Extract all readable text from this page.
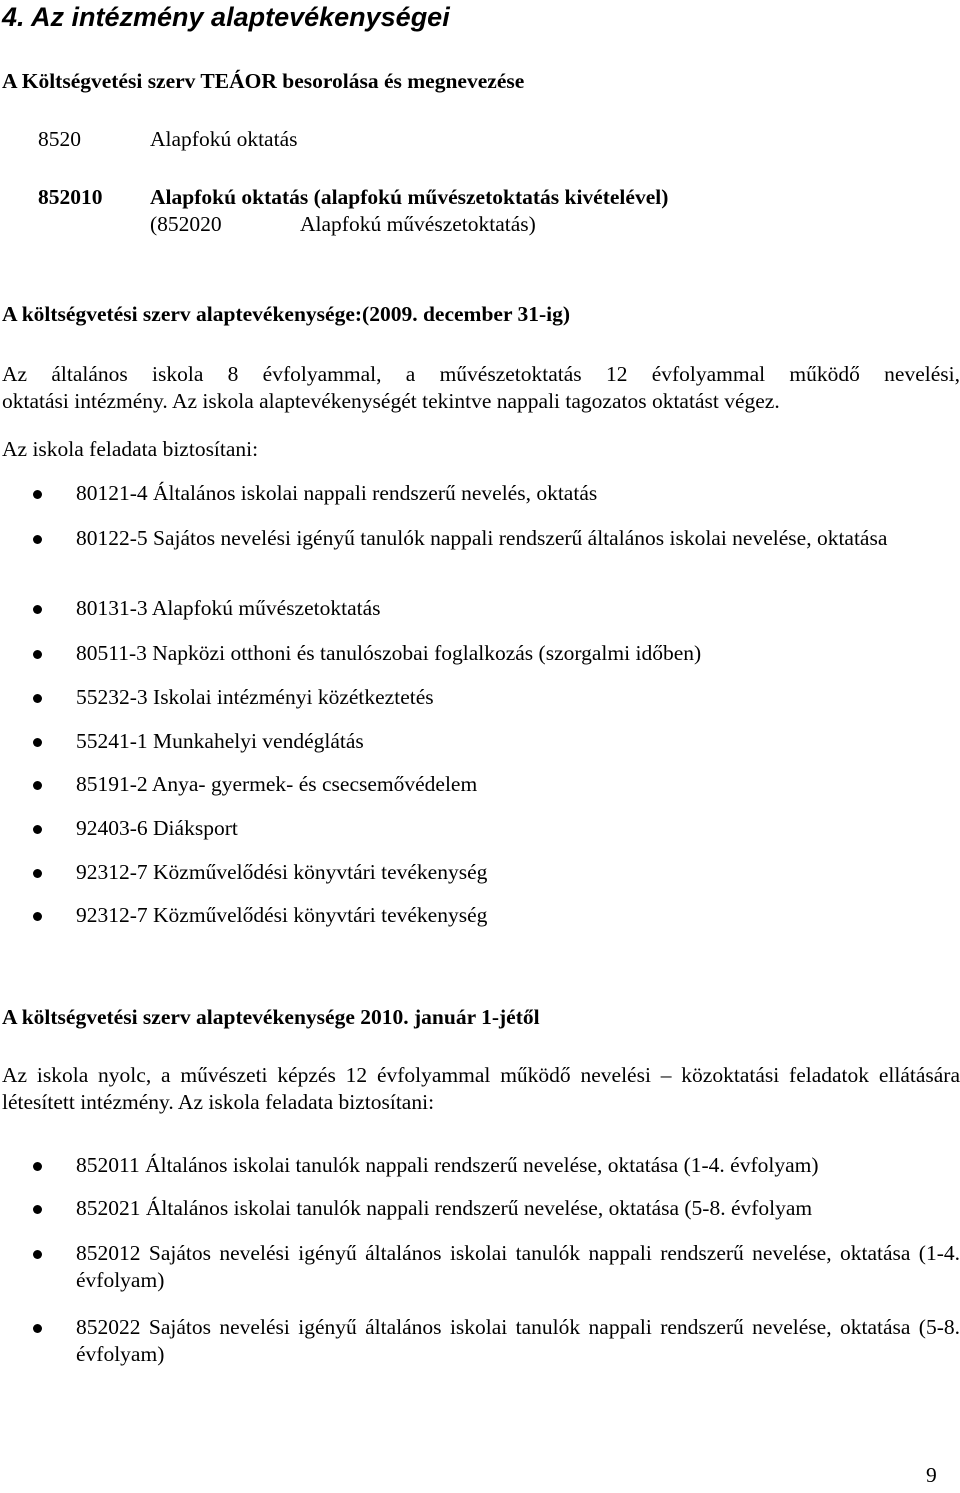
4. Az intézmény alaptevékenységei
A Költségvetési szerv TEÁOR besorolása és megnevezése
8520	Alapfokú oktatás
852010 Alapfokú oktatás (alapfokú művészetoktatás kivételével)
(852020	Alapfokú művészetoktatás)
A költségvetési szerv alaptevékenysége:(2009. december 31-ig)
Az általános iskola 8 évfolyammal, a művészetoktatás 12 évfolyammal működő nevelési,
oktatási intézmény. Az iskola alaptevékenységét tekintve nappali tagozatos oktatást végez.
Az iskola feladata biztosítani:
80121-4 Általános iskolai nappali rendszerű nevelés, oktatás
80122-5 Sajátos nevelési igényű tanulók nappali rendszerű általános iskolai nevelése, oktatása
80131-3 Alapfokú művészetoktatás
80511-3 Napközi otthoni és tanulószobai foglalkozás (szorgalmi időben)
55232-3 Iskolai intézményi közétkeztetés
55241-1 Munkahelyi vendéglátás
85191-2 Anya- gyermek- és csecsemővédelem
92403-6 Diáksport
92312-7 Közművelődési könyvtári tevékenység
92312-7 Közművelődési könyvtári tevékenység
A költségvetési szerv alaptevékenysége 2010. január 1-jétől
Az iskola nyolc, a művészeti képzés 12 évfolyammal működő nevelési – közoktatási feladatok ellátására létesített intézmény. Az iskola feladata biztosítani:
852011 Általános iskolai tanulók nappali rendszerű nevelése, oktatása (1-4. évfolyam)
852021 Általános iskolai tanulók nappali rendszerű nevelése, oktatása (5-8. évfolyam
852012 Sajátos nevelési igényű általános iskolai tanulók nappali rendszerű nevelése, oktatása (1-4. évfolyam)
852022 Sajátos nevelési igényű általános iskolai tanulók nappali rendszerű nevelése, oktatása (5-8. évfolyam)
9
